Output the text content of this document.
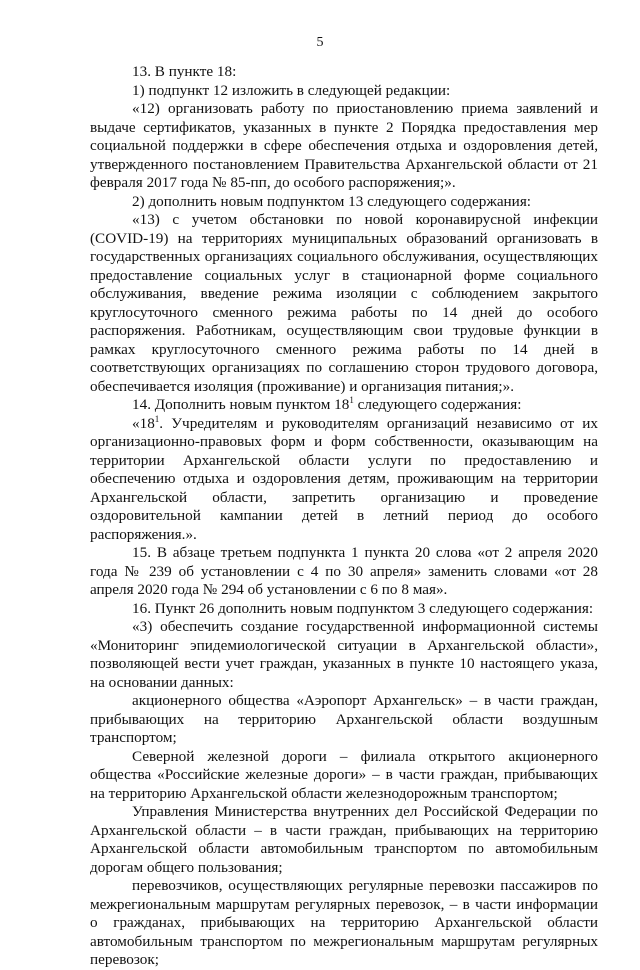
5

13. В пункте 18:

1) подпункт 12 изложить в следующей редакции:

«12) организовать работу по приостановлению приема заявлений и выдаче сертификатов, указанных в пункте 2 Порядка предоставления мер социальной поддержки в сфере обеспечения отдыха и оздоровления детей, утвержденного постановлением Правительства Архангельской области от 21 февраля 2017 года № 85-пп, до особого распоряжения;».

2) дополнить новым подпунктом 13 следующего содержания:

«13) с учетом обстановки по новой коронавирусной инфекции (COVID-19) на территориях муниципальных образований организовать в государственных организациях социального обслуживания, осуществляющих предоставление социальных услуг в стационарной форме социального обслуживания, введение режима изоляции с соблюдением закрытого круглосуточного сменного режима работы по 14 дней до особого распоряжения. Работникам, осуществляющим свои трудовые функции в рамках круглосуточного сменного режима работы по 14 дней в соответствующих организациях по соглашению сторон трудового договора, обеспечивается изоляция (проживание) и организация питания;».

14. Дополнить новым пунктом $18^1$ следующего содержания:

«$18^1$. Учредителям и руководителям организаций независимо от их организационно-правовых форм и форм собственности, оказывающим на территории Архангельской области услуги по предоставлению и обеспечению отдыха и оздоровления детям, проживающим на территории Архангельской области, запретить организацию и проведение оздоровительной кампании детей в летний период до особого распоряжения.».

15. В абзаце третьем подпункта 1 пункта 20 слова «от 2 апреля 2020 года № 239 об установлении с 4 по 30 апреля» заменить словами «от 28 апреля 2020 года № 294 об установлении с 6 по 8 мая».

16. Пункт 26 дополнить новым подпунктом 3 следующего содержания:

«3) обеспечить создание государственной информационной системы «Мониторинг эпидемиологической ситуации в Архангельской области», позволяющей вести учет граждан, указанных в пункте 10 настоящего указа, на основании данных:

акционерного общества «Аэропорт Архангельск» – в части граждан, прибывающих на территорию Архангельской области воздушным транспортом;

Северной железной дороги – филиала открытого акционерного общества «Российские железные дороги» – в части граждан, прибывающих на территорию Архангельской области железнодорожным транспортом;

Управления Министерства внутренних дел Российской Федерации по Архангельской области – в части граждан, прибывающих на территорию Архангельской области автомобильным транспортом по автомобильным дорогам общего пользования;

перевозчиков, осуществляющих регулярные перевозки пассажиров по межрегиональным маршрутам регулярных перевозок, – в части информации о гражданах, прибывающих на территорию Архангельской области автомобильным транспортом по межрегиональным маршрутам регулярных перевозок;
